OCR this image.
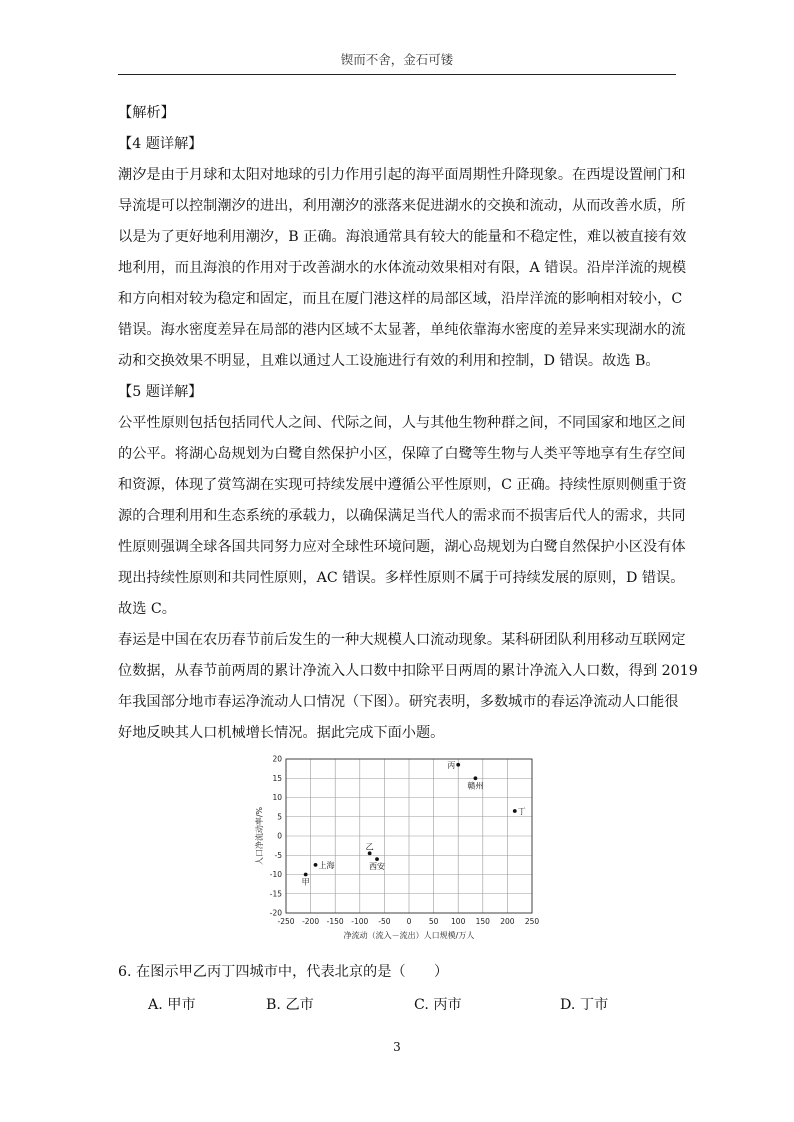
锲而不舍，金石可镂
【解析】
【4 题详解】
潮汐是由于月球和太阳对地球的引力作用引起的海平面周期性升降现象。在西堤设置闸门和
导流堤可以控制潮汐的进出，利用潮汐的涨落来促进湖水的交换和流动，从而改善水质，所
以是为了更好地利用潮汐，B 正确。海浪通常具有较大的能量和不稳定性，难以被直接有效
地利用，而且海浪的作用对于改善湖水的水体流动效果相对有限，A 错误。沿岸洋流的规模
和方向相对较为稳定和固定，而且在厦门港这样的局部区域，沿岸洋流的影响相对较小，C
错误。海水密度差异在局部的港内区域不太显著，单纯依靠海水密度的差异来实现湖水的流
动和交换效果不明显，且难以通过人工设施进行有效的利用和控制，D 错误。故选 B。
【5 题详解】
公平性原则包括包括同代人之间、代际之间，人与其他生物种群之间，不同国家和地区之间
的公平。将湖心岛规划为白鹭自然保护小区，保障了白鹭等生物与人类平等地享有生存空间
和资源，体现了赏笃湖在实现可持续发展中遵循公平性原则，C 正确。持续性原则侧重于资
源的合理利用和生态系统的承载力，以确保满足当代人的需求而不损害后代人的需求，共同
性原则强调全球各国共同努力应对全球性环境问题，湖心岛规划为白鹭自然保护小区没有体
现出持续性原则和共同性原则，AC 错误。多样性原则不属于可持续发展的原则，D 错误。
故选 C。
春运是中国在农历春节前后发生的一种大规模人口流动现象。某科研团队利用移动互联网定
位数据，从春节前两周的累计净流入人口数中扣除平日两周的累计净流入人口数，得到 2019
年我国部分地市春运净流动人口情况（下图）。研究表明，多数城市的春运净流动人口能很
好地反映其人口机械增长情况。据此完成下面小题。
-250 -200 -150 -100 -50 0 50 100 150 200 250
20
15
10
5
0
-5
-10
-15
-20
净流动（流入－流出）人口规模/万人
人口净流动率/%
甲
上海
乙
西安
丙
赣州
丁
6. 在图示甲乙丙丁四城市中，代表北京的是（　　）
A. 甲市	B. 乙市	C. 丙市	D. 丁市
3
